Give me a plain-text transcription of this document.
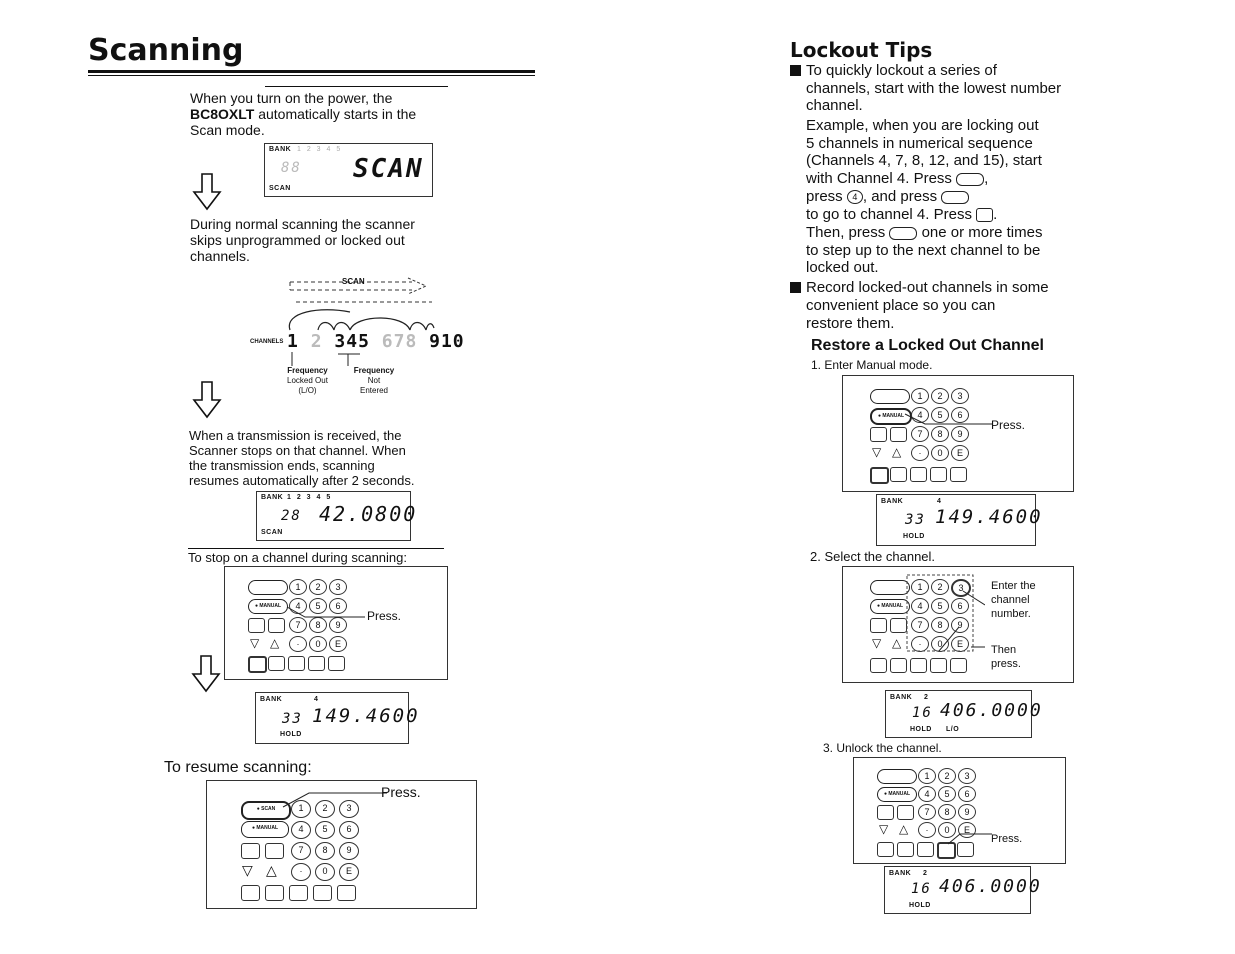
Scanning
When you turn on the power, the
BC8OXLT automatically starts in the
Scan mode.
BANK 1 2 3 4 5
88 SCAN
SCAN
During normal scanning the scanner
skips unprogrammed or locked out
channels.
SCAN
CHANNELS 1 2 345 678 910
Frequency
Locked Out
(L/O)
Frequency
Not
Entered
When a transmission is received, the
Scanner stops on that channel. When
the transmission ends, scanning
resumes automatically after 2 seconds.
BANK 1 2 3 4 5
28 42.0800
SCAN
To stop on a channel during scanning:
1	2	3
● MANUAL	4	5	6
7	8	9
▽ △	·	0	E
Press.
BANK	4
33 149.4600
HOLD
To resume scanning:
● SCAN	1	2	3
● MANUAL	4	5	6
7	8	9
▽ △	·	0	E
Press.
Lockout Tips
To quickly lockout a series of
channels, start with the lowest number
channel.
Example, when you are locking out
5 channels in numerical sequence
(Channels 4, 7, 8, 12, and 15), start
with Channel 4. Press ,
press 4 , and press
to go to channel 4. Press .
Then, press one or more times
to step up to the next channel to be
locked out.
Record locked-out channels in some
convenient place so you can
restore them.
Restore a Locked Out Channel
1. Enter Manual mode.
1	2	3
● MANUAL	4	5	6
7	8	9
▽ △	·	0	E
Press.
BANK	4
33 149.4600
HOLD
2. Select the channel.
1	2	3
● MANUAL	4	5	6
7	8	9
▽ △	·	0	E
Enter the
channel
number.
Then
press.
BANK 2
16 406.0000
HOLD L/O
3. Unlock the channel.
1	2	3
● MANUAL	4	5	6
7	8	9
▽ △	·	0	E
Press.
BANK 2
16 406.0000
HOLD
